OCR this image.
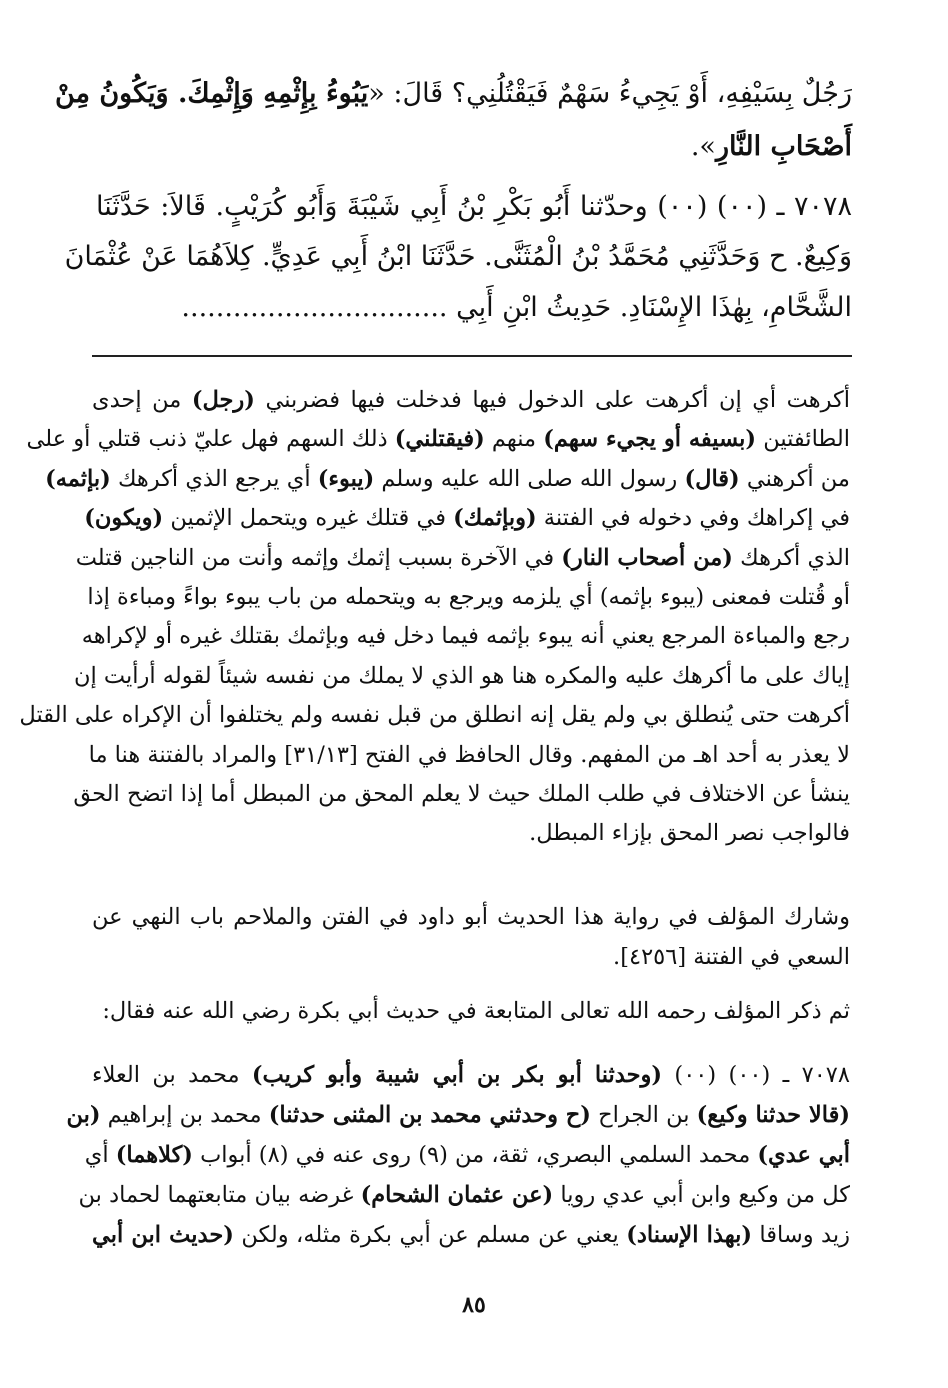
رَجُلٌ بِسَيْفِهِ، أَوْ يَجِيءُ سَهْمٌ فَيَقْتُلُنِي؟ قَالَ: «يَبُوءُ بِإِثْمِهِ وَإِثْمِكَ. وَيَكُونُ مِنْ
أَصْحَابِ النَّارِ».
٧٠٧٨ ـ (٠٠) (٠٠) وحدّثنا أَبُو بَكْرِ بْنُ أَبِي شَيْبَةَ وَأَبُو كُرَيْبٍ. قَالاَ: حَدَّثَنَا
وَكِيعٌ. ح وَحَدَّثَنِي مُحَمَّدُ بْنُ الْمُثَنَّى. حَدَّثَنَا ابْنُ أَبِي عَدِيٍّ. كِلاَهُمَا عَنْ عُثْمَانَ
الشَّحَّامِ، بِهٰذَا الإِسْنَادِ. حَدِيثُ ابْنِ أَبِي ...............................
أكرهت أي إن أكرهت على الدخول فيها فدخلت فيها فضربني (رجل) من إحدى
الطائفتين (بسيفه أو يجيء سهم) منهم (فيقتلني) ذلك السهم فهل عليّ ذنب قتلي أو على
من أكرهني (قال) رسول الله صلى الله عليه وسلم (يبوء) أي يرجع الذي أكرهك (بإثمه)
في إكراهك وفي دخوله في الفتنة (وبإثمك) في قتلك غيره ويتحمل الإثمين (ويكون)
الذي أكرهك (من أصحاب النار) في الآخرة بسبب إثمك وإثمه وأنت من الناجين قتلت
أو قُتلت فمعنى (يبوء بإثمه) أي يلزمه ويرجع به ويتحمله من باب يبوء بواءً ومباءة إذا
رجع والمباءة المرجع يعني أنه يبوء بإثمه فيما دخل فيه وبإثمك بقتلك غيره أو لإكراهه
إياك على ما أكرهك عليه والمكره هنا هو الذي لا يملك من نفسه شيئاً لقوله أرأيت إن
أكرهت حتى يُنطلق بي ولم يقل إنه انطلق من قبل نفسه ولم يختلفوا أن الإكراه على القتل
لا يعذر به أحد اهـ من المفهم. وقال الحافظ في الفتح [٣١/١٣] والمراد بالفتنة هنا ما
ينشأ عن الاختلاف في طلب الملك حيث لا يعلم المحق من المبطل أما إذا اتضح الحق
فالواجب نصر المحق بإزاء المبطل.
وشارك المؤلف في رواية هذا الحديث أبو داود في الفتن والملاحم باب النهي عن
السعي في الفتنة [٤٢٥٦].
ثم ذكر المؤلف رحمه الله تعالى المتابعة في حديث أبي بكرة رضي الله عنه فقال:
٧٠٧٨ ـ (٠٠) (٠٠) (وحدثنا أبو بكر بن أبي شيبة وأبو كريب) محمد بن العلاء
(قالا حدثنا وكيع) بن الجراح (ح وحدثني محمد بن المثنى حدثنا) محمد بن إبراهيم (بن
أبي عدي) محمد السلمي البصري، ثقة، من (٩) روى عنه في (٨) أبواب (كلاهما) أي
كل من وكيع وابن أبي عدي رويا (عن عثمان الشحام) غرضه بيان متابعتهما لحماد بن
زيد وساقا (بهذا الإسناد) يعني عن مسلم عن أبي بكرة مثله، ولكن (حديث ابن أبي
٨٥
